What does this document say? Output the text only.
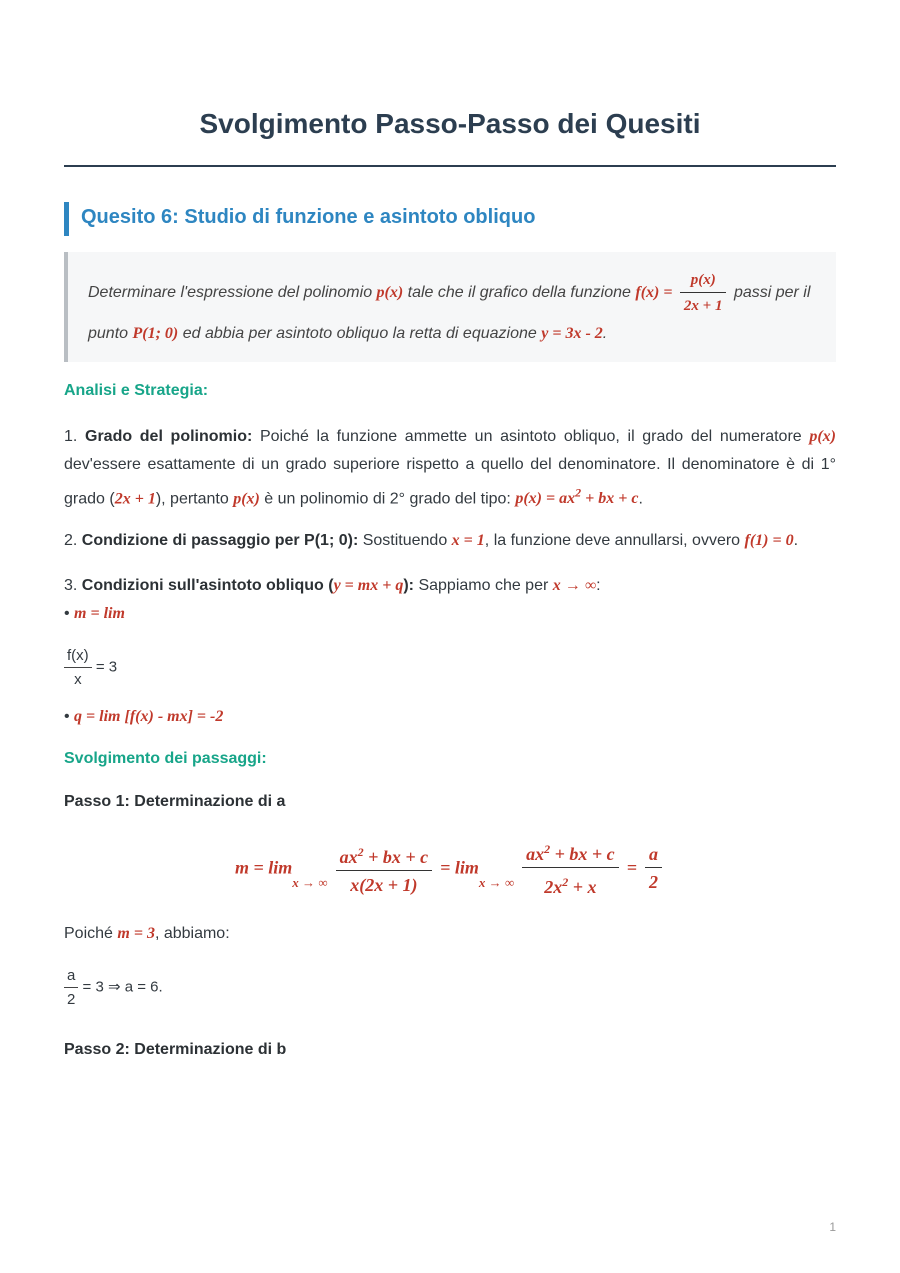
Svolgimento Passo-Passo dei Quesiti
Quesito 6: Studio di funzione e asintoto obliquo
Determinare l'espressione del polinomio p(x) tale che il grafico della funzione $f(x) = \frac{p(x)}{2x + 1}$ passi per il
punto P(1; 0) ed abbia per asintoto obliquo la retta di equazione y = 3x - 2.
Analisi e Strategia:
1. Grado del polinomio: Poiché la funzione ammette un asintoto obliquo, il grado del numeratore p(x) dev'essere esattamente di un grado superiore rispetto a quello del denominatore. Il denominatore è di 1° grado (2x + 1), pertanto p(x) è un polinomio di 2° grado del tipo: $p(x) = ax^2$ + bx + c.
2. Condizione di passaggio per P(1; 0): Sostituendo x = 1, la funzione deve annullarsi, ovvero f(1) = 0.
3. Condizioni sull'asintoto obliquo (y = mx + q): Sappiamo che per x → ∞:
• m = lim
$\frac{f(x)}{x} = 3$
• q = lim [f(x) - mx] = -2
Svolgimento dei passaggi:
Passo 1: Determinazione di a
$m = \lim_{x \to \infty} \frac{ax^2 + bx + c}{x(2x + 1)} = \lim_{x \to \infty} \frac{ax^2 + bx + c}{2x^2 + x} = \frac{a}{2}$
Poiché m = 3, abbiamo:
$\frac{a}{2} = 3$ ⇒ a = 6.
Passo 2: Determinazione di b
1
